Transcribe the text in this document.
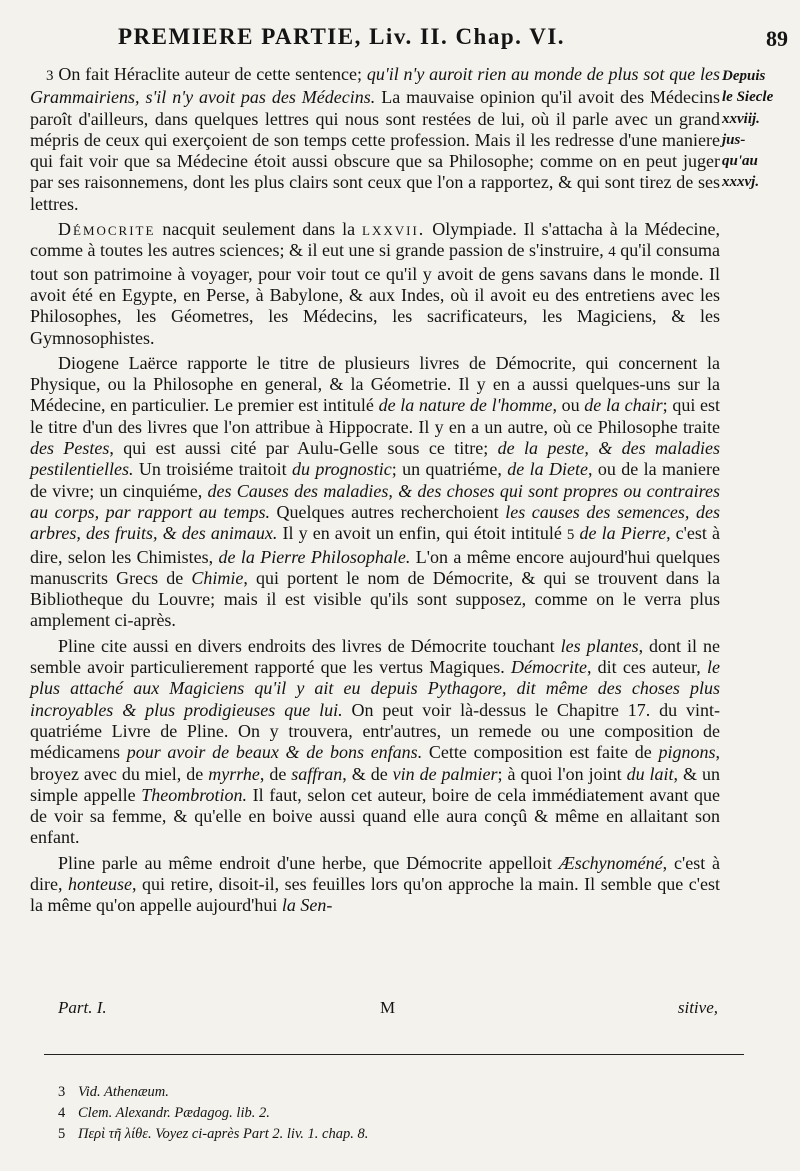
PREMIERE PARTIE, Liv. II. Chap. VI.	89
Depuis
le Siecle
xxviij.
jus-
qu'au
xxxvj.

3 On fait Héraclite auteur de cette sentence; qu'il n'y auroit rien au monde de plus sot que les Grammairiens, s'il n'y avoit pas des Médecins. La mauvaise opinion qu'il avoit des Médecins paroît d'ailleurs, dans quelques lettres qui nous sont restées de lui, où il parle avec un grand mépris de ceux qui exerçoient de son temps cette profession. Mais il les redresse d'une maniere qui fait voir que sa Médecine étoit aussi obscure que sa Philosophe; comme on en peut juger par ses raisonnemens, dont les plus clairs sont ceux que l'on a rapportez, & qui sont tirez de ses lettres.

Démocrite nacquit seulement dans la lxxvii. Olympiade. Il s'attacha à la Médecine, comme à toutes les autres sciences; & il eut une si grande passion de s'instruire, 4 qu'il consuma tout son patrimoine à voyager, pour voir tout ce qu'il y avoit de gens savans dans le monde. Il avoit été en Egypte, en Perse, à Babylone, & aux Indes, où il avoit eu des entretiens avec les Philosophes, les Géometres, les Médecins, les sacrificateurs, les Magiciens, & les Gymnosophistes.

Diogene Laërce rapporte le titre de plusieurs livres de Démocrite, qui concernent la Physique, ou la Philosophe en general, & la Géometrie. Il y en a aussi quelques-uns sur la Médecine, en particulier. Le premier est intitulé de la nature de l'homme, ou de la chair; qui est le titre d'un des livres que l'on attribue à Hippocrate. Il y en a un autre, où ce Philosophe traite des Pestes, qui est aussi cité par Aulu-Gelle sous ce titre; de la peste, & des maladies pestilentielles. Un troisiéme traitoit du prognostic; un quatriéme, de la Diete, ou de la maniere de vivre; un cinquiéme, des Causes des maladies, & des choses qui sont propres ou contraires au corps, par rapport au temps. Quelques autres recherchoient les causes des semences, des arbres, des fruits, & des animaux. Il y en avoit un enfin, qui étoit intitulé 5 de la Pierre, c'est à dire, selon les Chimistes, de la Pierre Philosophale. L'on a même encore aujourd'hui quelques manuscrits Grecs de Chimie, qui portent le nom de Démocrite, & qui se trouvent dans la Bibliotheque du Louvre; mais il est visible qu'ils sont supposez, comme on le verra plus amplement ci-après.

Pline cite aussi en divers endroits des livres de Démocrite touchant les plantes, dont il ne semble avoir particulierement rapporté que les vertus Magiques. Démocrite, dit ces auteur, le plus attaché aux Magiciens qu'il y ait eu depuis Pythagore, dit même des choses plus incroyables & plus prodigieuses que lui. On peut voir là-dessus le Chapitre 17. du vint-quatriéme Livre de Pline. On y trouvera, entr'autres, un remede ou une composition de médicamens pour avoir de beaux & de bons enfans. Cette composition est faite de pignons, broyez avec du miel, de myrrhe, de saffran, & de vin de palmier; à quoi l'on joint du lait, & un simple appelle Theombrotion. Il faut, selon cet auteur, boire de cela immédiatement avant que de voir sa femme, & qu'elle en boive aussi quand elle aura conçû & même en allaitant son enfant.

Pline parle au même endroit d'une herbe, que Démocrite appelloit Æschynoméné, c'est à dire, honteuse, qui retire, disoit-il, ses feuilles lors qu'on approche la main. Il semble que c'est la même qu'on appelle aujourd'hui la Sen-

Part. I.	M	sitive,
3 Vid. Athenæum.
4 Clem. Alexandr. Pædagog. lib. 2.
5 Περὶ τῆ λίθε. Voyez ci-après Part 2. liv. 1. chap. 8.
